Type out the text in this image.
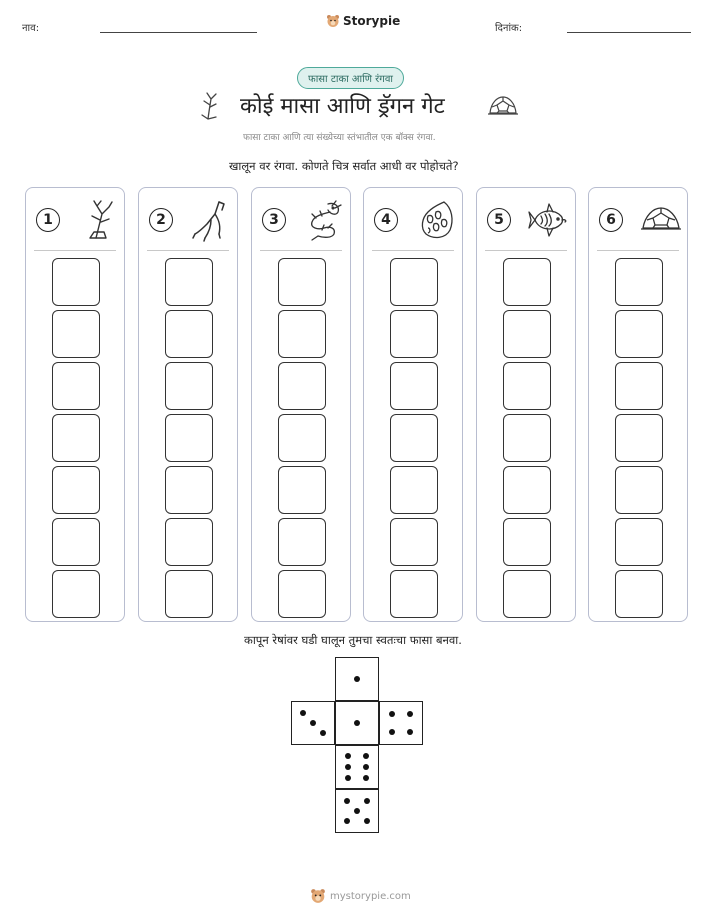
नाव:
Storypie
दिनांक:
फासा टाका आणि रंगवा
कोई मासा आणि ड्रॅगन गेट
फासा टाका आणि त्या संख्येच्या स्तंभातील एक बॉक्स रंगवा.
खालून वर रंगवा. कोणते चित्र सर्वात आधी वर पोहोचते?
1	2	3	4	5	6
कापून रेषांवर घडी घालून तुमचा स्वतःचा फासा बनवा.
mystorypie.com
